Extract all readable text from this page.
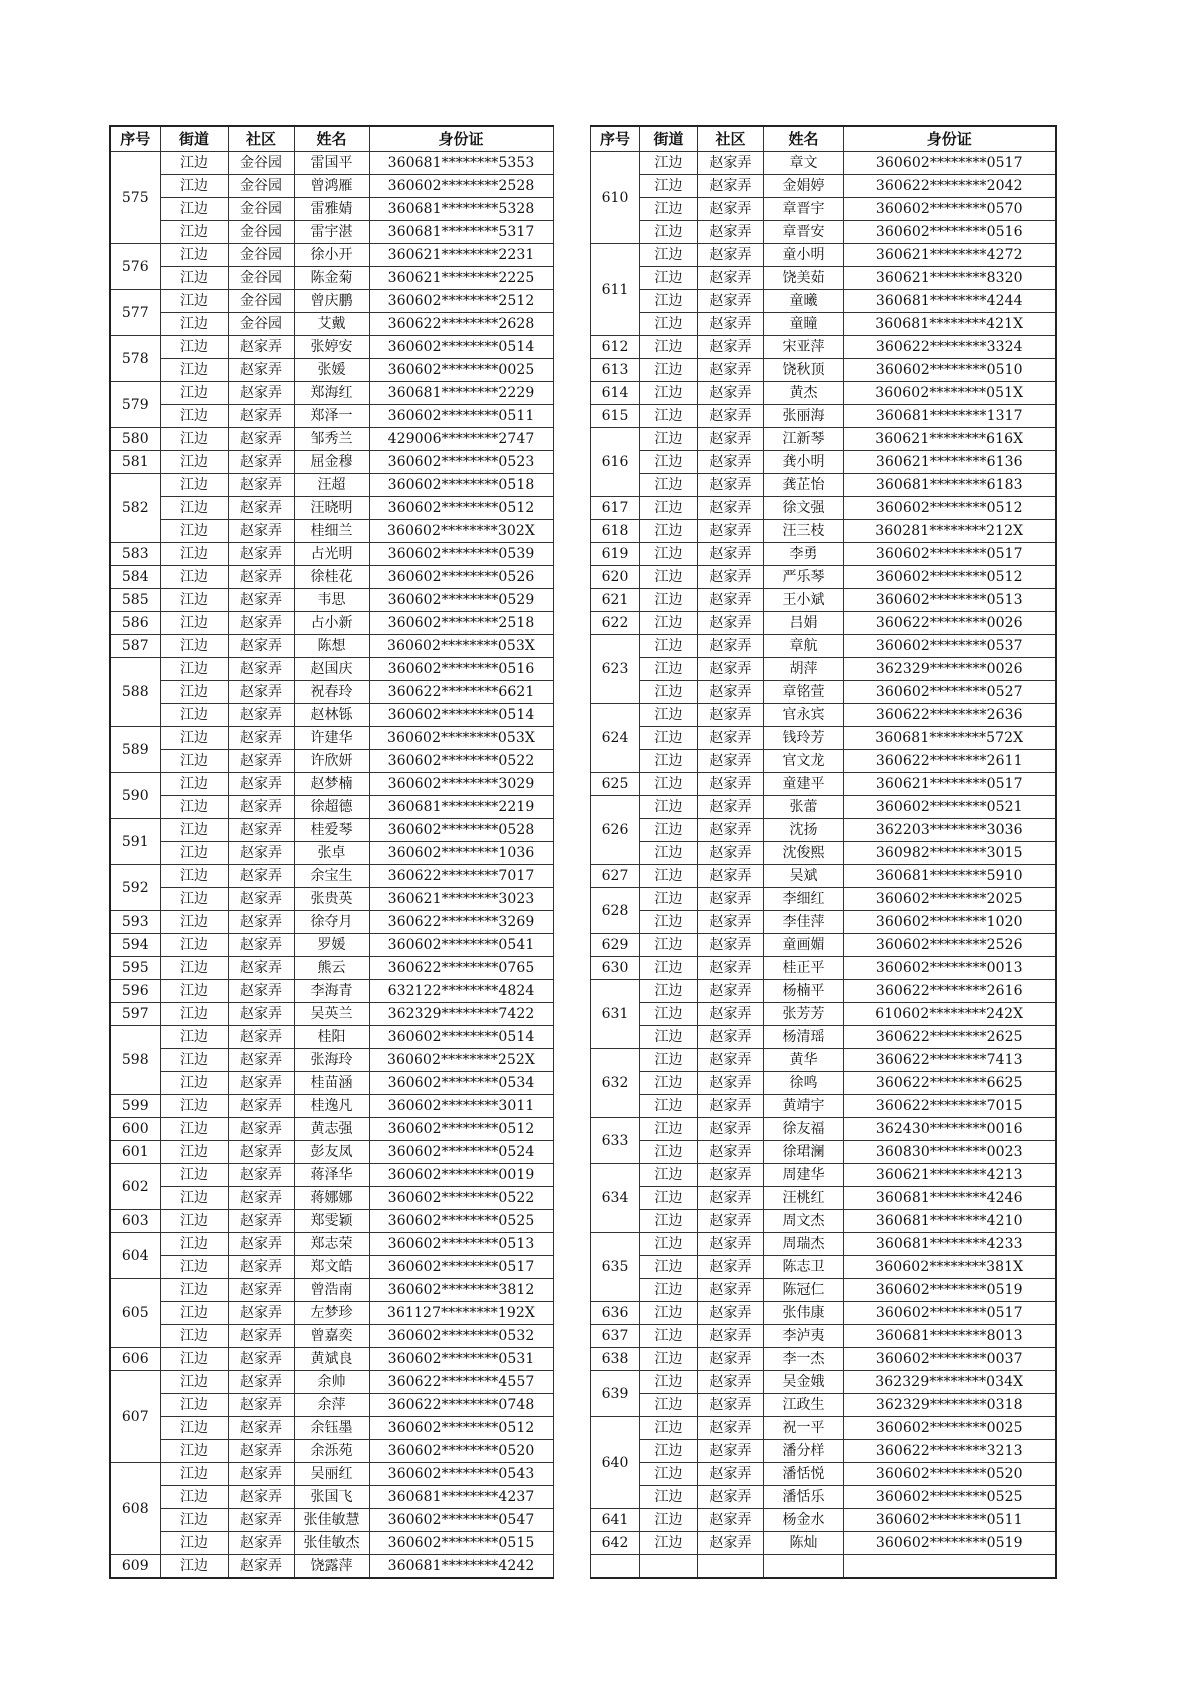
序号	街道	社区	姓名	身份证
575	江边	金谷园	雷国平	360681********5353
	江边	金谷园	曾鸿雁	360602********2528
	江边	金谷园	雷雅婧	360681********5328
	江边	金谷园	雷宇湛	360681********5317
576	江边	金谷园	徐小开	360621********2231
	江边	金谷园	陈金菊	360621********2225
577	江边	金谷园	曾庆鹏	360602********2512
	江边	金谷园	艾戴	360622********2628
578	江边	赵家弄	张婷安	360602********0514
	江边	赵家弄	张媛	360602********0025
579	江边	赵家弄	郑海红	360681********2229
	江边	赵家弄	郑泽一	360602********0511
580	江边	赵家弄	邹秀兰	429006********2747
581	江边	赵家弄	屈金穆	360602********0523
582	江边	赵家弄	汪超	360602********0518
	江边	赵家弄	汪晓明	360602********0512
	江边	赵家弄	桂细兰	360602********302X
583	江边	赵家弄	占光明	360602********0539
584	江边	赵家弄	徐桂花	360602********0526
585	江边	赵家弄	韦思	360602********0529
586	江边	赵家弄	占小新	360602********2518
587	江边	赵家弄	陈想	360602********053X
588	江边	赵家弄	赵国庆	360602********0516
	江边	赵家弄	祝春玲	360622********6621
	江边	赵家弄	赵林铄	360602********0514
589	江边	赵家弄	许建华	360602********053X
	江边	赵家弄	许欣妍	360602********0522
590	江边	赵家弄	赵梦楠	360602********3029
	江边	赵家弄	徐超德	360681********2219
591	江边	赵家弄	桂爱琴	360602********0528
	江边	赵家弄	张卓	360602********1036
592	江边	赵家弄	余宝生	360622********7017
	江边	赵家弄	张贵英	360621********3023
593	江边	赵家弄	徐夺月	360622********3269
594	江边	赵家弄	罗媛	360602********0541
595	江边	赵家弄	熊云	360622********0765
596	江边	赵家弄	李海青	632122********4824
597	江边	赵家弄	吴英兰	362329********7422
598	江边	赵家弄	桂阳	360602********0514
	江边	赵家弄	张海玲	360602********252X
	江边	赵家弄	桂苗涵	360602********0534
599	江边	赵家弄	桂逸凡	360602********3011
600	江边	赵家弄	黄志强	360602********0512
601	江边	赵家弄	彭友凤	360602********0524
602	江边	赵家弄	蒋泽华	360602********0019
	江边	赵家弄	蒋娜娜	360602********0522
603	江边	赵家弄	郑雯颖	360602********0525
604	江边	赵家弄	郑志荣	360602********0513
	江边	赵家弄	郑文皓	360602********0517
605	江边	赵家弄	曾浩南	360602********3812
	江边	赵家弄	左梦珍	361127********192X
	江边	赵家弄	曾嘉奕	360602********0532
606	江边	赵家弄	黄斌良	360602********0531
607	江边	赵家弄	余帅	360622********4557
	江边	赵家弄	余萍	360622********0748
	江边	赵家弄	余钰墨	360602********0512
	江边	赵家弄	余泺苑	360602********0520
608	江边	赵家弄	吴丽红	360602********0543
	江边	赵家弄	张国飞	360681********4237
	江边	赵家弄	张佳敏慧	360602********0547
	江边	赵家弄	张佳敏杰	360602********0515
609	江边	赵家弄	饶露萍	360681********4242
序号	街道	社区	姓名	身份证
610	江边	赵家弄	章文	360602********0517
	江边	赵家弄	金娟婷	360622********2042
	江边	赵家弄	章晋宇	360602********0570
	江边	赵家弄	章晋安	360602********0516
611	江边	赵家弄	童小明	360621********4272
	江边	赵家弄	饶美茹	360621********8320
	江边	赵家弄	童曦	360681********4244
	江边	赵家弄	童瞳	360681********421X
612	江边	赵家弄	宋亚萍	360622********3324
613	江边	赵家弄	饶秋顶	360602********0510
614	江边	赵家弄	黄杰	360602********051X
615	江边	赵家弄	张丽海	360681********1317
616	江边	赵家弄	江新琴	360621********616X
	江边	赵家弄	龚小明	360621********6136
	江边	赵家弄	龚芷怡	360681********6183
617	江边	赵家弄	徐文强	360602********0512
618	江边	赵家弄	汪三枝	360281********212X
619	江边	赵家弄	李勇	360602********0517
620	江边	赵家弄	严乐琴	360602********0512
621	江边	赵家弄	王小斌	360602********0513
622	江边	赵家弄	吕娟	360622********0026
623	江边	赵家弄	章航	360602********0537
	江边	赵家弄	胡萍	362329********0026
	江边	赵家弄	章铭萱	360602********0527
624	江边	赵家弄	官永宾	360622********2636
	江边	赵家弄	钱玲芳	360681********572X
	江边	赵家弄	官文龙	360622********2611
625	江边	赵家弄	童建平	360621********0517
626	江边	赵家弄	张蕾	360602********0521
	江边	赵家弄	沈扬	362203********3036
	江边	赵家弄	沈俊熙	360982********3015
627	江边	赵家弄	吴斌	360681********5910
628	江边	赵家弄	李细红	360602********2025
	江边	赵家弄	李佳萍	360602********1020
629	江边	赵家弄	童画媚	360602********2526
630	江边	赵家弄	桂正平	360602********0013
631	江边	赵家弄	杨楠平	360622********2616
	江边	赵家弄	张芳芳	610602********242X
	江边	赵家弄	杨清瑶	360622********2625
632	江边	赵家弄	黄华	360622********7413
	江边	赵家弄	徐鸣	360622********6625
	江边	赵家弄	黄靖宇	360622********7015
633	江边	赵家弄	徐友福	362430********0016
	江边	赵家弄	徐珺澜	360830********0023
634	江边	赵家弄	周建华	360621********4213
	江边	赵家弄	汪桃红	360681********4246
	江边	赵家弄	周文杰	360681********4210
635	江边	赵家弄	周瑞杰	360681********4233
	江边	赵家弄	陈志卫	360602********381X
	江边	赵家弄	陈冠仁	360602********0519
636	江边	赵家弄	张伟康	360602********0517
637	江边	赵家弄	李泸夷	360681********8013
638	江边	赵家弄	李一杰	360602********0037
639	江边	赵家弄	吴金娥	362329********034X
	江边	赵家弄	江政生	362329********0318
640	江边	赵家弄	祝一平	360602********0025
	江边	赵家弄	潘分样	360622********3213
	江边	赵家弄	潘恬悦	360602********0520
	江边	赵家弄	潘恬乐	360602********0525
641	江边	赵家弄	杨金水	360602********0511
642	江边	赵家弄	陈灿	360602********0519
